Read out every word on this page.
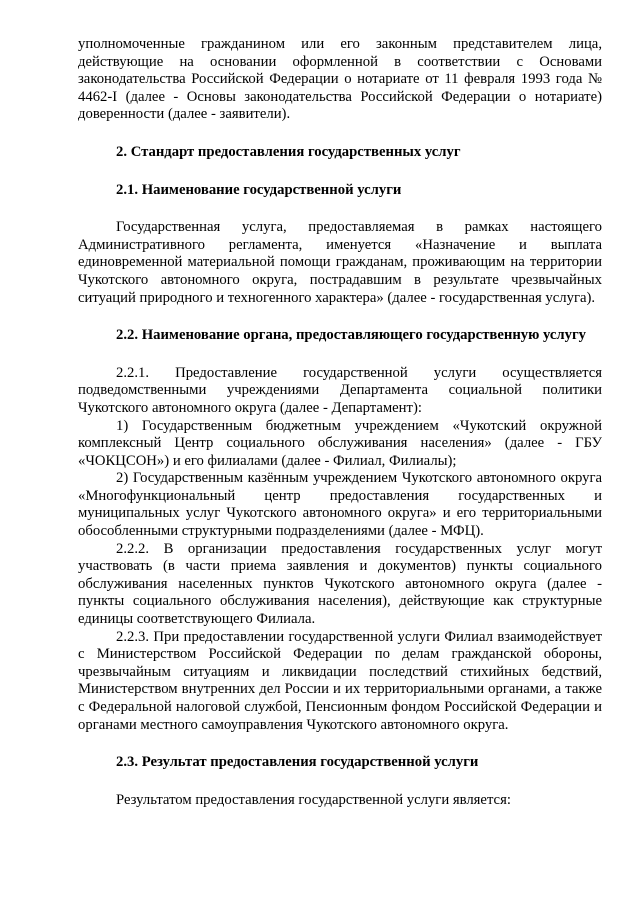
уполномоченные гражданином или его законным представителем лица, действующие на основании оформленной в соответствии с Основами законодательства Российской Федерации о нотариате от 11 февраля 1993 года № 4462-I (далее - Основы законодательства Российской Федерации о нотариате) доверенности (далее - заявители).

2. Стандарт предоставления государственных услуг
2.1. Наименование государственной услуги

Государственная услуга, предоставляемая в рамках настоящего Административного регламента, именуется «Назначение и выплата единовременной материальной помощи гражданам, проживающим на территории Чукотского автономного округа, пострадавшим в результате чрезвычайных ситуаций природного и техногенного характера» (далее - государственная услуга).

2.2. Наименование органа, предоставляющего государственную услугу

2.2.1. Предоставление государственной услуги осуществляется подведомственными учреждениями Департамента социальной политики Чукотского автономного округа (далее - Департамент):

1) Государственным бюджетным учреждением «Чукотский окружной комплексный Центр социального обслуживания населения» (далее - ГБУ «ЧОКЦСОН») и его филиалами (далее - Филиал, Филиалы);

2) Государственным казённым учреждением Чукотского автономного округа «Многофункциональный центр предоставления государственных и муниципальных услуг Чукотского автономного округа» и его территориальными обособленными структурными подразделениями (далее - МФЦ).

2.2.2. В организации предоставления государственных услуг могут участвовать (в части приема заявления и документов) пункты социального обслуживания населенных пунктов Чукотского автономного округа (далее - пункты социального обслуживания населения), действующие как структурные единицы соответствующего Филиала.

2.2.3. При предоставлении государственной услуги Филиал взаимодействует с Министерством Российской Федерации по делам гражданской обороны, чрезвычайным ситуациям и ликвидации последствий стихийных бедствий, Министерством внутренних дел России и их территориальными органами, а также с Федеральной налоговой службой, Пенсионным фондом Российской Федерации и органами местного самоуправления Чукотского автономного округа.

2.3. Результат предоставления государственной услуги

Результатом предоставления государственной услуги является:
